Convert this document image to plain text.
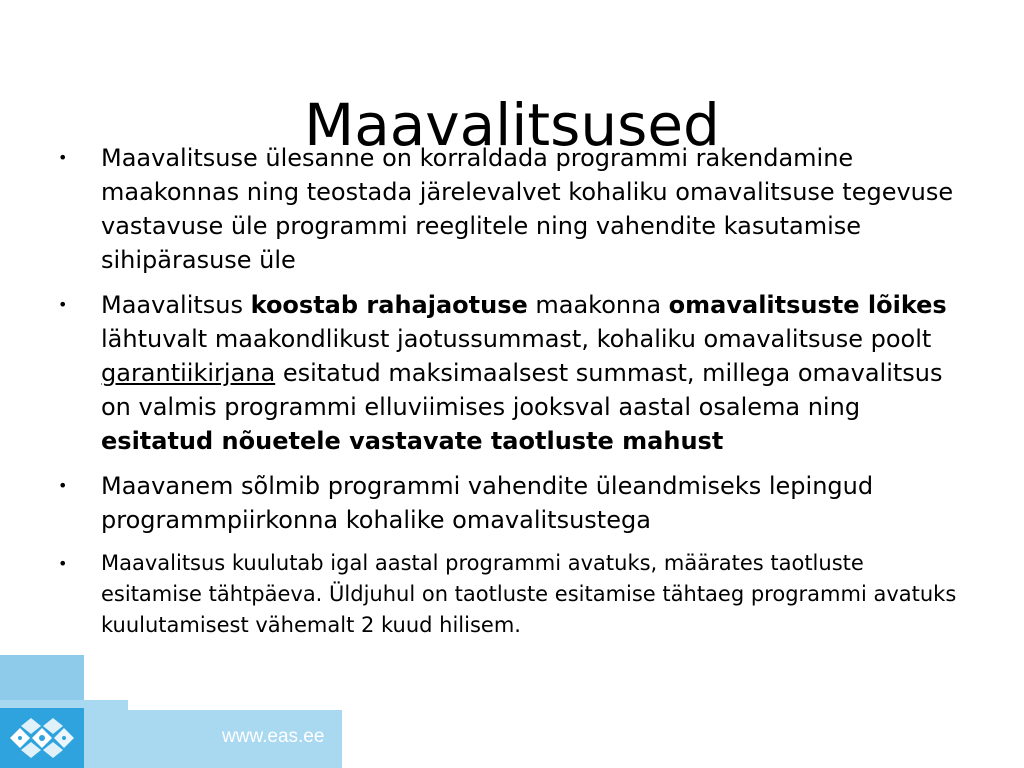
Maavalitsused
• Maavalitsuse ülesanne on korraldada programmi rakendamine maakonnas ning teostada järelevalvet kohaliku omavalitsuse tegevuse vastavuse üle programmi reeglitele ning vahendite kasutamise sihipärasuse üle
• Maavalitsus koostab rahajaotuse maakonna omavalitsuste lõikes lähtuvalt maakondlikust jaotussummast, kohaliku omavalitsuse poolt garantiikirjana esitatud maksimaalsest summast, millega omavalitsus on valmis programmi elluviimises jooksval aastal osalema ning esitatud nõuetele vastavate taotluste mahust
• Maavanem sõlmib programmi vahendite üleandmiseks lepingud programmpiirkonna kohalike omavalitsustega
• Maavalitsus kuulutab igal aastal programmi avatuks, määrates taotluste esitamise tähtpäeva. Üldjuhul on taotluste esitamise tähtaeg programmi avatuks kuulutamisest vähemalt 2 kuud hilisem.
www.eas.ee
